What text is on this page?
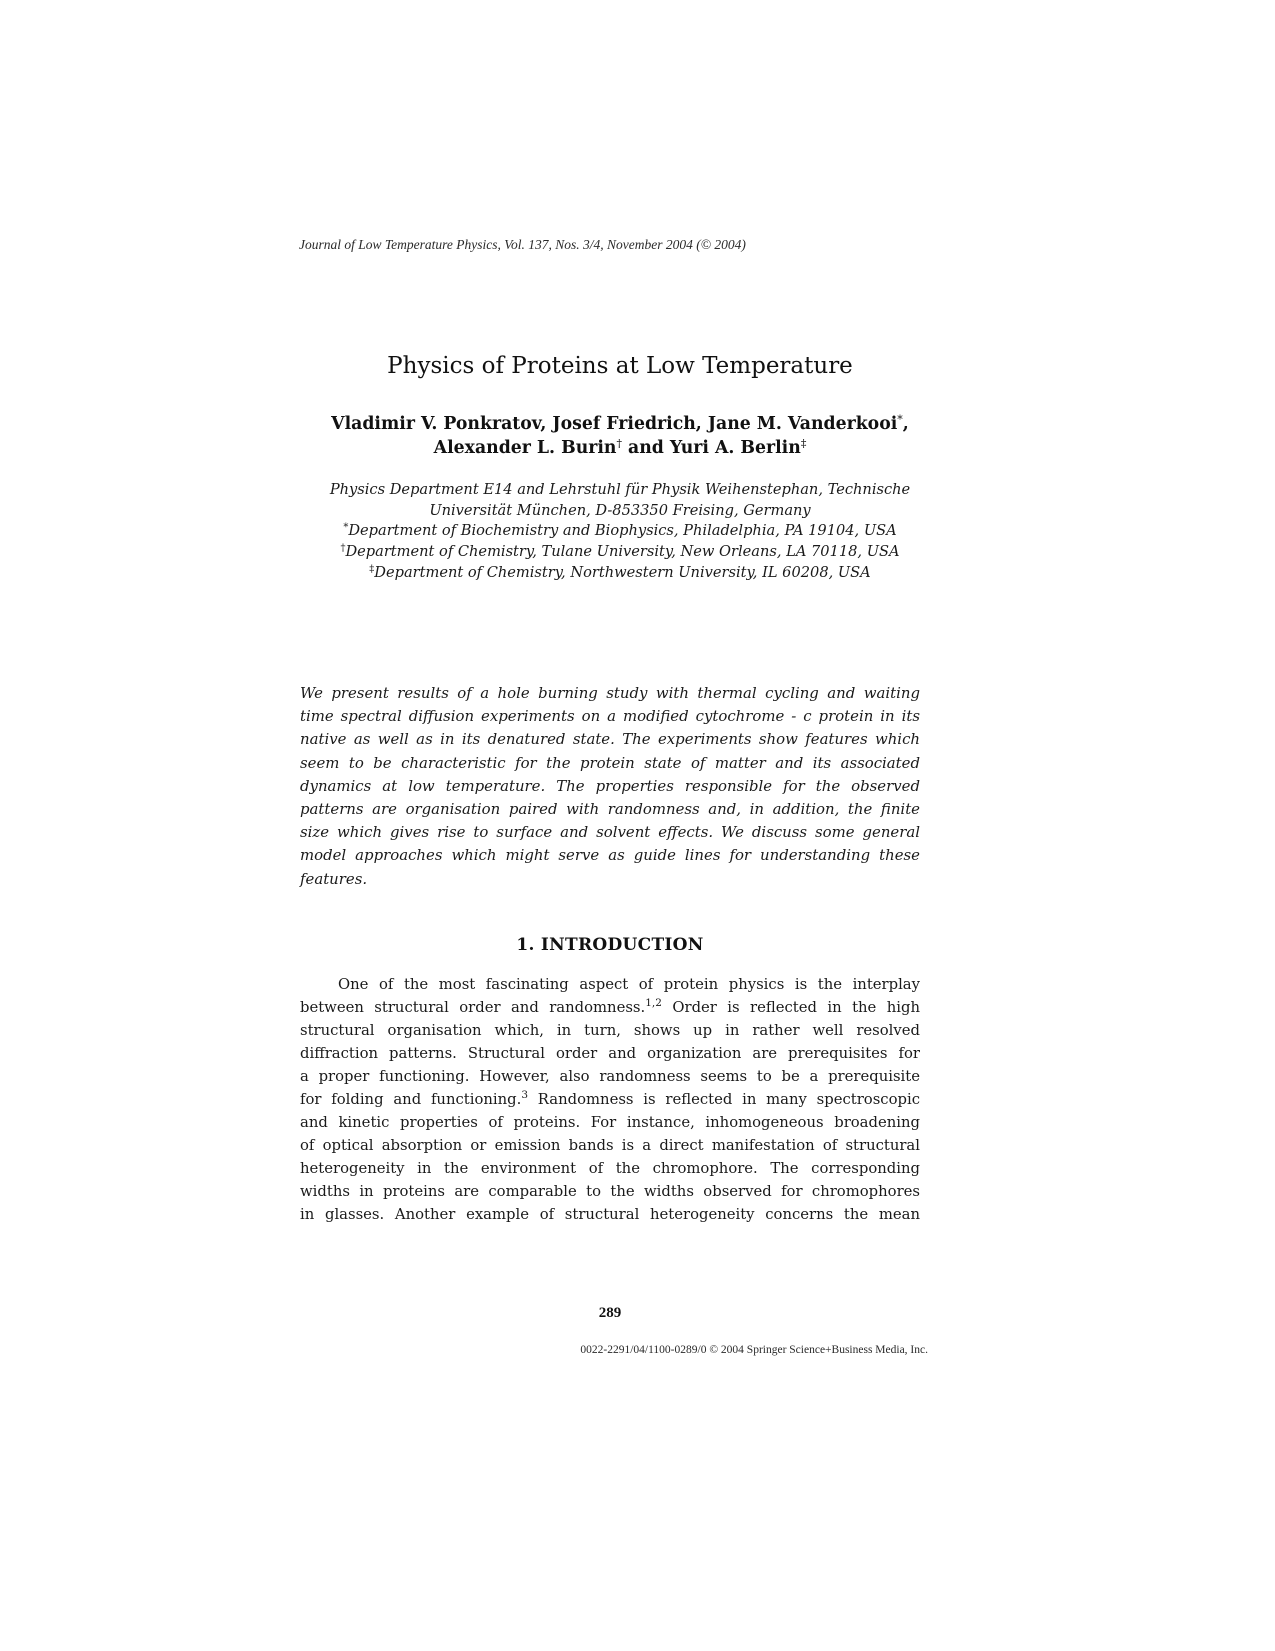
Journal of Low Temperature Physics, Vol. 137, Nos. 3/4, November 2004 (© 2004)
Physics of Proteins at Low Temperature
Vladimir V. Ponkratov, Josef Friedrich, Jane M. Vanderkooi*,
Alexander L. Burin† and Yuri A. Berlin‡
Physics Department E14 and Lehrstuhl für Physik Weihenstephan, Technische
Universität München, D-853350 Freising, Germany
*Department of Biochemistry and Biophysics, Philadelphia, PA 19104, USA
†Department of Chemistry, Tulane University, New Orleans, LA 70118, USA
‡Department of Chemistry, Northwestern University, IL 60208, USA
We present results of a hole burning study with thermal cycling and waiting
time spectral diffusion experiments on a modified cytochrome - c protein in its
native as well as in its denatured state. The experiments show features which
seem to be characteristic for the protein state of matter and its associated
dynamics at low temperature. The properties responsible for the observed
patterns are organisation paired with randomness and, in addition, the finite
size which gives rise to surface and solvent effects. We discuss some general
model approaches which might serve as guide lines for understanding these
features.
1. INTRODUCTION
One of the most fascinating aspect of protein physics is the interplay
between structural order and randomness.$^{1,2}$ Order is reflected in the high
structural organisation which, in turn, shows up in rather well resolved
diffraction patterns. Structural order and organization are prerequisites for
a proper functioning. However, also randomness seems to be a prerequisite
for folding and functioning.$^3$ Randomness is reflected in many spectroscopic
and kinetic properties of proteins. For instance, inhomogeneous broadening
of optical absorption or emission bands is a direct manifestation of structural
heterogeneity in the environment of the chromophore. The corresponding
widths in proteins are comparable to the widths observed for chromophores
in glasses. Another example of structural heterogeneity concerns the mean
289
0022-2291/04/1100-0289/0 © 2004 Springer Science+Business Media, Inc.
